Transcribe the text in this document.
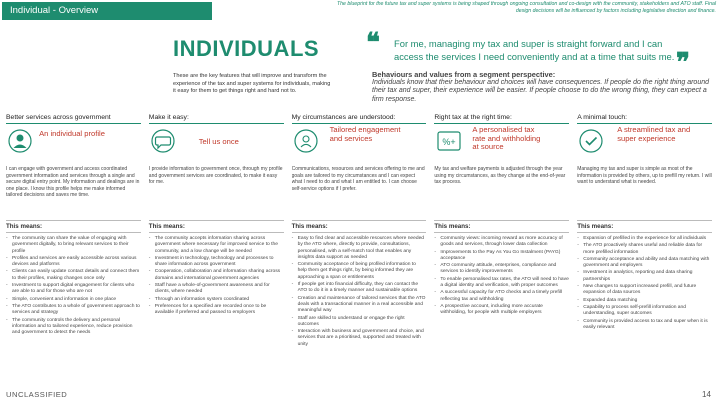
Individual - Overview
The blueprint for the future tax and super systems is being shaped through ongoing consultation and co-design with the community, stakeholders and ATO staff. Final design decisions will be influenced by factors including legislative direction and finance.
INDIVIDUALS
These are the key features that will improve and transform the experience of the tax and super systems for individuals, making it easy for them to get things right and hard not to.
❝ For me, managing my tax and super is straight forward and I can access the services I need conveniently and at a time that suits me. ❞
Behaviours and values from a segment perspective:
Individuals know that their behaviour and choices will have consequences. If people do the right thing around their tax and super, their experience will be easier. If people choose to do the wrong thing, they can expect a firm response.
Better services across government
An individual profile
I can engage with government and access coordinated government information and services through a single and secure digital entry point. My information and dealings are in one place. I know this profile helps me make informed tailored decisions and saves me time.
This means:
- The community can share the value of engaging with government digitally, to bring relevant services to their profile
- Profiles and services are easily accessible across various devices and platforms
- Clients can easily update contact details and connect them to their profiles, making changes once only
- Investment to support digital engagement for clients who are able to and for those who are not
- Simple, convenient and information in one place
- The ATO contributes to a whole of government approach to services and strategy
- The community controls the delivery and personal information and to tailored experience, reduce provision and government to detect the needs
Make it easy:
Tell us once
I provide information to government once, through my profile and government services are coordinated, to make it easy for me.
This means:
- The community accepts information sharing across government where necessary for improved service to the community, and a low change will be needed
- Investment in technology, technology and processes to share information across government
- Cooperation, collaboration and information sharing across domains and international government agencies
- Staff have a whole-of-government awareness and for clients, where needed
- Through an information system coordinated
- Preferences for a specified are recorded once to be available if preferred and passed to employers
My circumstances are understood:
Tailored engagement and services
Communications, resources and services offering to me and goals are tailored to my circumstances and I can expect what I need to do and what I am entitled to. I can choose self-service options if I prefer.
This means:
- Easy to find clear and accessible resources where needed by the ATO where, directly to provide, consultations, personalised, with a self-match tool that enables any insights data support as needed
- Community acceptance of being profiled information to help them get things right, by being informed they are approaching a span or entitlements
- If people get into financial difficulty, they can contact the ATO to do it in a timely manner and sustainable options
- Creation and maintenance of tailored services that the ATO deals with a transactional manner in a real accessible and meaningful way
- Staff are skilled to understand or engage the right outcomes
- Interaction with business and government and choice, and services that are a prioritised, supported and treated with unity
Right tax at the right time:
%+
A personalised tax rate and withholding at source
My tax and welfare payments is adjusted through the year using my circumstances, as they change at the end-of-year tax process.
This means:
- Community views: incoming reward as more accuracy of goods and services, through lower data collection
- Improvements to the Pay As You Go Instalment (PAYG) acceptance
- ATO community attitude, enterprises, compliance and services to identify improvements
- To enable personalised tax rates, the ATO will need to have a digital identity and verification, with proper outcomes
- A successful capacity for ATO checks and a timely prefill reflecting tax and withholding
- A prospective account, including more accurate withholding, for people with multiple employers
A minimal touch:
A streamlined tax and super experience
Managing my tax and super is simple as most of the information is provided by others, up to prefill my return. I will want to understand what is needed.
This means:
- Expansion of prefilled in the experience for all individuals
- The ATO proactively shares useful and reliable data for more prefilled information
- Community acceptance and ability and data matching with government and employers
- Investment in analytics, reporting and data sharing partnerships
- New changes to support increased prefill, and future expansion of data sources
- Expanded data matching
- Capability to process self-prefill information and understanding, super outcomes
- Community is provided access to tax and super when it is easily relevant
UNCLASSIFIED	14
